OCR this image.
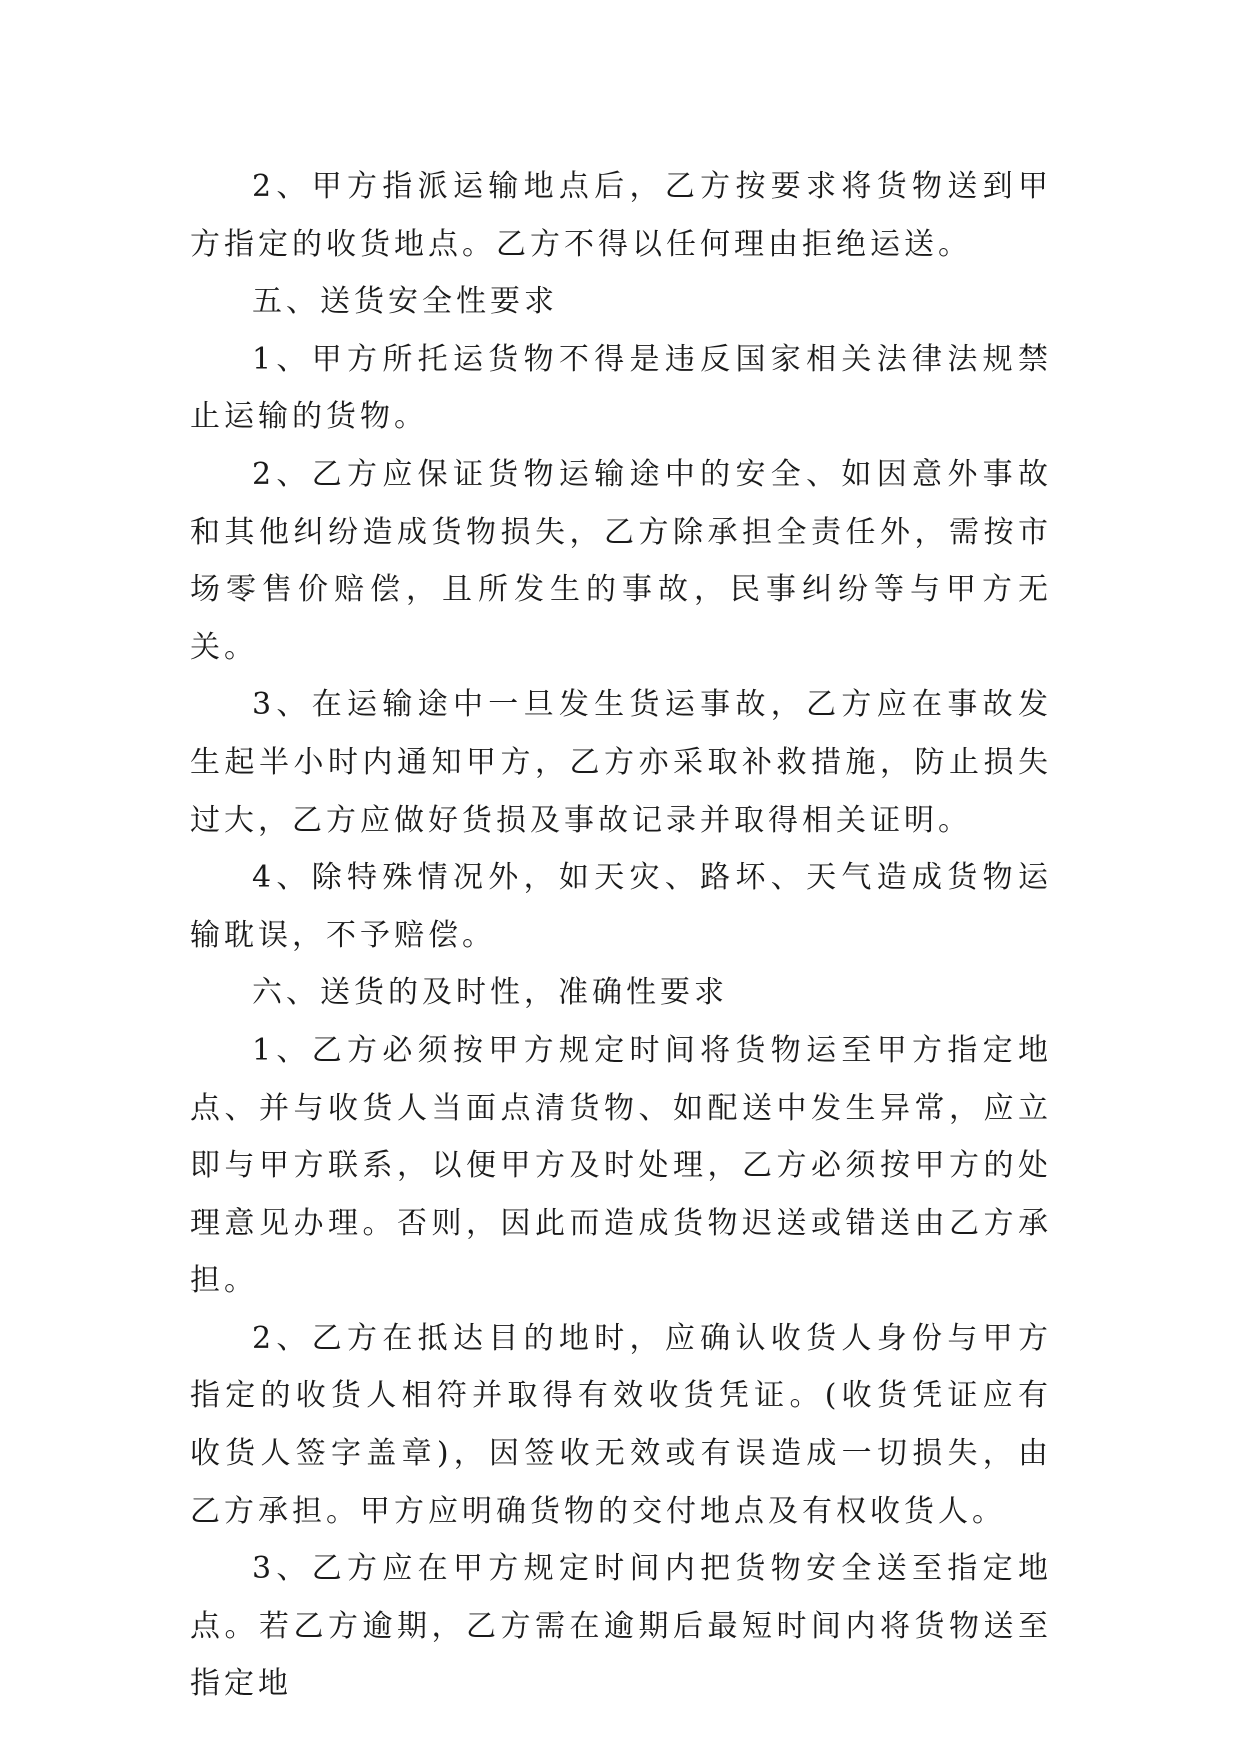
2、甲方指派运输地点后，乙方按要求将货物送到甲方指定的收货地点。乙方不得以任何理由拒绝运送。

五、送货安全性要求

1、甲方所托运货物不得是违反国家相关法律法规禁止运输的货物。

2、乙方应保证货物运输途中的安全、如因意外事故和其他纠纷造成货物损失，乙方除承担全责任外，需按市场零售价赔偿，且所发生的事故，民事纠纷等与甲方无关。

3、在运输途中一旦发生货运事故，乙方应在事故发生起半小时内通知甲方，乙方亦采取补救措施，防止损失过大，乙方应做好货损及事故记录并取得相关证明。

4、除特殊情况外，如天灾、路坏、天气造成货物运输耽误，不予赔偿。

六、送货的及时性，准确性要求

1、乙方必须按甲方规定时间将货物运至甲方指定地点、并与收货人当面点清货物、如配送中发生异常，应立即与甲方联系，以便甲方及时处理，乙方必须按甲方的处理意见办理。否则，因此而造成货物迟送或错送由乙方承担。

2、乙方在抵达目的地时，应确认收货人身份与甲方指定的收货人相符并取得有效收货凭证。(收货凭证应有收货人签字盖章)，因签收无效或有误造成一切损失，由乙方承担。甲方应明确货物的交付地点及有权收货人。

3、乙方应在甲方规定时间内把货物安全送至指定地点。若乙方逾期，乙方需在逾期后最短时间内将货物送至指定地
